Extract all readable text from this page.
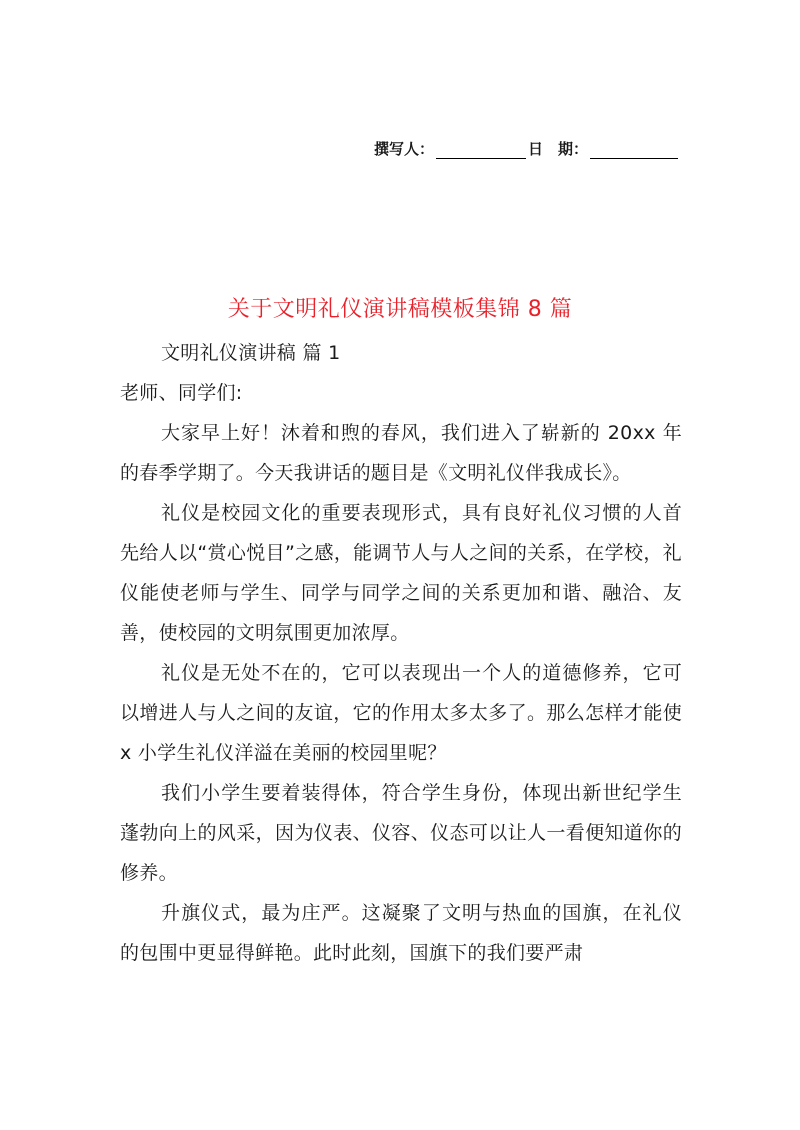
撰写人：	日　期：
关于文明礼仪演讲稿模板集锦 8 篇

文明礼仪演讲稿 篇 1

老师、同学们:

大家早上好！沐着和煦的春风，我们进入了崭新的 20xx 年的春季学期了。今天我讲话的题目是《文明礼仪伴我成长》。

礼仪是校园文化的重要表现形式，具有良好礼仪习惯的人首先给人以“赏心悦目”之感，能调节人与人之间的关系，在学校，礼仪能使老师与学生、同学与同学之间的关系更加和谐、融洽、友善，使校园的文明氛围更加浓厚。

礼仪是无处不在的，它可以表现出一个人的道德修养，它可以增进人与人之间的友谊，它的作用太多太多了。那么怎样才能使 x 小学生礼仪洋溢在美丽的校园里呢？

我们小学生要着装得体，符合学生身份，体现出新世纪学生蓬勃向上的风采，因为仪表、仪容、仪态可以让人一看便知道你的修养。

升旗仪式，最为庄严。这凝聚了文明与热血的国旗，在礼仪的包围中更显得鲜艳。此时此刻，国旗下的我们要严肃
